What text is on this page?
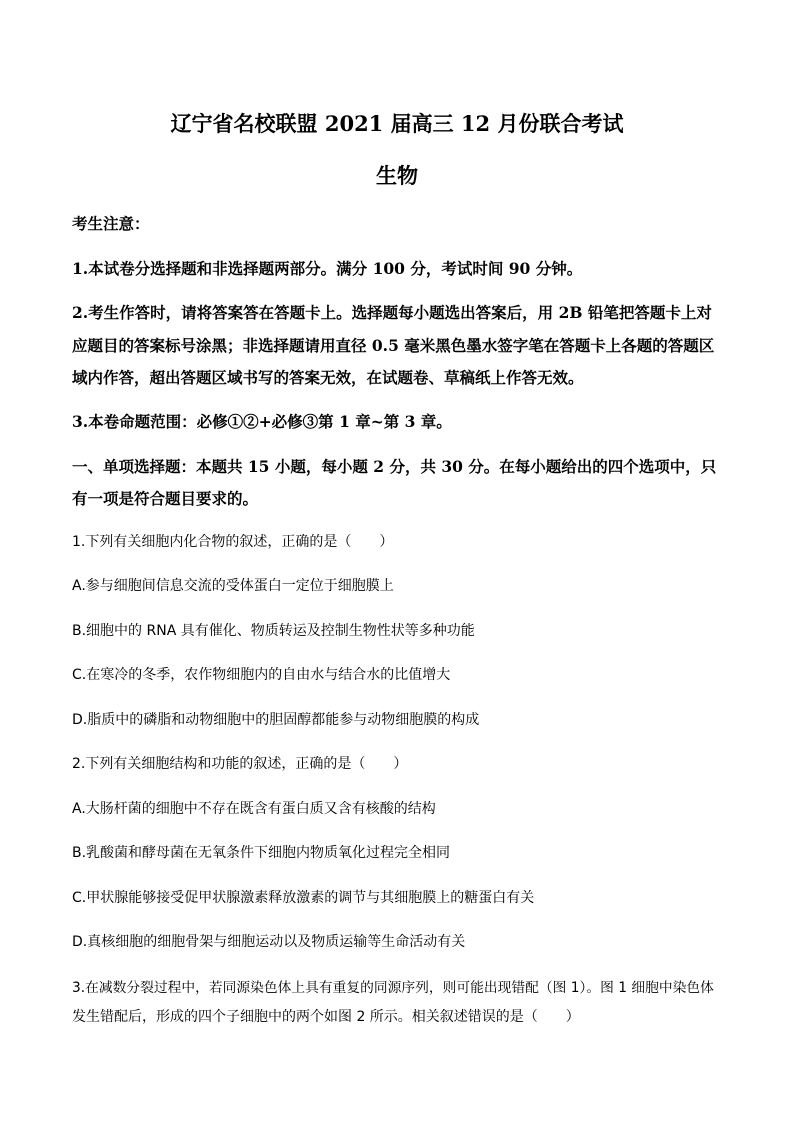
辽宁省名校联盟 2021 届高三 12 月份联合考试
生物
考生注意：
1.本试卷分选择题和非选择题两部分。满分 100 分，考试时间 90 分钟。
2.考生作答时，请将答案答在答题卡上。选择题每小题选出答案后，用 2B 铅笔把答题卡上对
应题目的答案标号涂黑；非选择题请用直径 0.5 毫米黑色墨水签字笔在答题卡上各题的答题区
域内作答，超出答题区域书写的答案无效，在试题卷、草稿纸上作答无效。
3.本卷命题范围：必修①②+必修③第 1 章~第 3 章。
一、单项选择题：本题共 15 小题，每小题 2 分，共 30 分。在每小题给出的四个选项中，只
有一项是符合题目要求的。
1.下列有关细胞内化合物的叙述，正确的是（　　）
A.参与细胞间信息交流的受体蛋白一定位于细胞膜上
B.细胞中的 RNA 具有催化、物质转运及控制生物性状等多种功能
C.在寒冷的冬季，农作物细胞内的自由水与结合水的比值增大
D.脂质中的磷脂和动物细胞中的胆固醇都能参与动物细胞膜的构成
2.下列有关细胞结构和功能的叙述，正确的是（　　）
A.大肠杆菌的细胞中不存在既含有蛋白质又含有核酸的结构
B.乳酸菌和酵母菌在无氧条件下细胞内物质氧化过程完全相同
C.甲状腺能够接受促甲状腺激素释放激素的调节与其细胞膜上的糖蛋白有关
D.真核细胞的细胞骨架与细胞运动以及物质运输等生命活动有关
3.在减数分裂过程中，若同源染色体上具有重复的同源序列，则可能出现错配（图 1）。图 1 细胞中染色体
发生错配后，形成的四个子细胞中的两个如图 2 所示。相关叙述错误的是（　　）
